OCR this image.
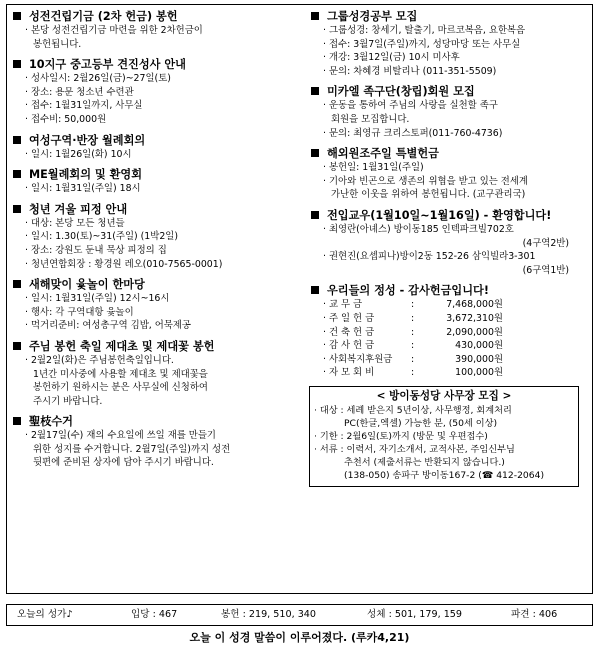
성전건립기금 (2차 헌금) 봉헌
· 본당 성전건립기금 마련을 위한 2차헌금이
봉헌됩니다.
10지구 중고등부 견진성사 안내
· 성사일시: 2월26일(금)~27일(토)
· 장소: 용문 청소년 수련관
· 접수: 1월31일까지, 사무실
· 접수비: 50,000원
여성구역·반장 월례회의
· 일시: 1월26일(화) 10시
ME월례회의 및 환영회
· 일시: 1월31일(주일) 18시
청년 겨울 피정 안내
· 대상: 본당 모든 청년들
· 일시: 1.30(토)~31(주일) (1박2일)
· 장소: 강원도 둔내 묵상 피정의 집
· 청년연합회장 : 황경원 레오(010-7565-0001)
새해맞이 윷놀이 한마당
· 일시: 1월31일(주일) 12시~16시
· 행사: 각 구역대항 윷놀이
· 먹거리준비: 여성총구역 김밥, 어묵제공
주님 봉헌 축일 제대초 및 제대꽃 봉헌
· 2월2일(화)은 주님봉헌축일입니다.
1년간 미사중에 사용할 제대초 및 제대꽃을
봉헌하기 원하시는 분은 사무실에 신청하여
주시기 바랍니다.
聖枝수거
· 2월17일(수) 재의 수요일에 쓰일 재를 만들기
위한 성지를 수거합니다. 2월7일(주일)까지 성전
뒷편에 준비된 상자에 담아 주시기 바랍니다.
그룹성경공부 모집
· 그룹성경: 창세기, 탈출기, 마르코복음, 요한복음
· 접수: 3월7일(주일)까지, 성당마당 또는 사무실
· 개강: 3월12일(금) 10시 미사후
· 문의: 차혜경 비탈리나 (011-351-5509)
미카엘 족구단(창립)회원 모집
· 운동을 통하여 주님의 사랑을 실천할 족구
회원을 모집합니다.
· 문의: 최영규 크리스토퍼(011-760-4736)
해외원조주일 특별헌금
· 봉헌일: 1월31일(주일)
· 기아와 빈곤으로 생존의 위협을 받고 있는 전세계
가난한 이웃을 위하여 봉헌됩니다. (교구관리국)
전입교우(1월10일~1월16일) - 환영합니다!
· 최영란(아녜스) 방이동185 인텍파크빌702호
(4구역2반)
· 권현진(요셉피나)방이2동 152-26 삼익빌라3-301
(6구역1반)
우리들의 정성 - 감사헌금입니다!
· 교 무 금	:	7,468,000원
· 주 일 헌 금	:	3,672,310원
· 건 축 헌 금	:	2,090,000원
· 감 사 헌 금	:	430,000원
· 사회복지후원금	:	390,000원
· 자 모 회 비	:	100,000원
< 방이동성당 사무장 모집 >
· 대상 : 세례 받은지 5년이상, 사무행정, 회계처리
PC(한글,엑셀) 가능한 분, (50세 이상)
· 기한 : 2월6일(토)까지 (방문 및 우편접수)
· 서류 : 이력서, 자기소개서, 교적사본, 주임신부님
추천서 (제출서류는 반환되지 않습니다.)
(138-050) 송파구 방이동167-2 (☎ 412-2064)
오늘의 성가♪	입당 : 467	봉헌 : 219, 510, 340	성체 : 501, 179, 159	파견 : 406
오늘 이 성경 말씀이 이루어졌다. (루카4,21)
